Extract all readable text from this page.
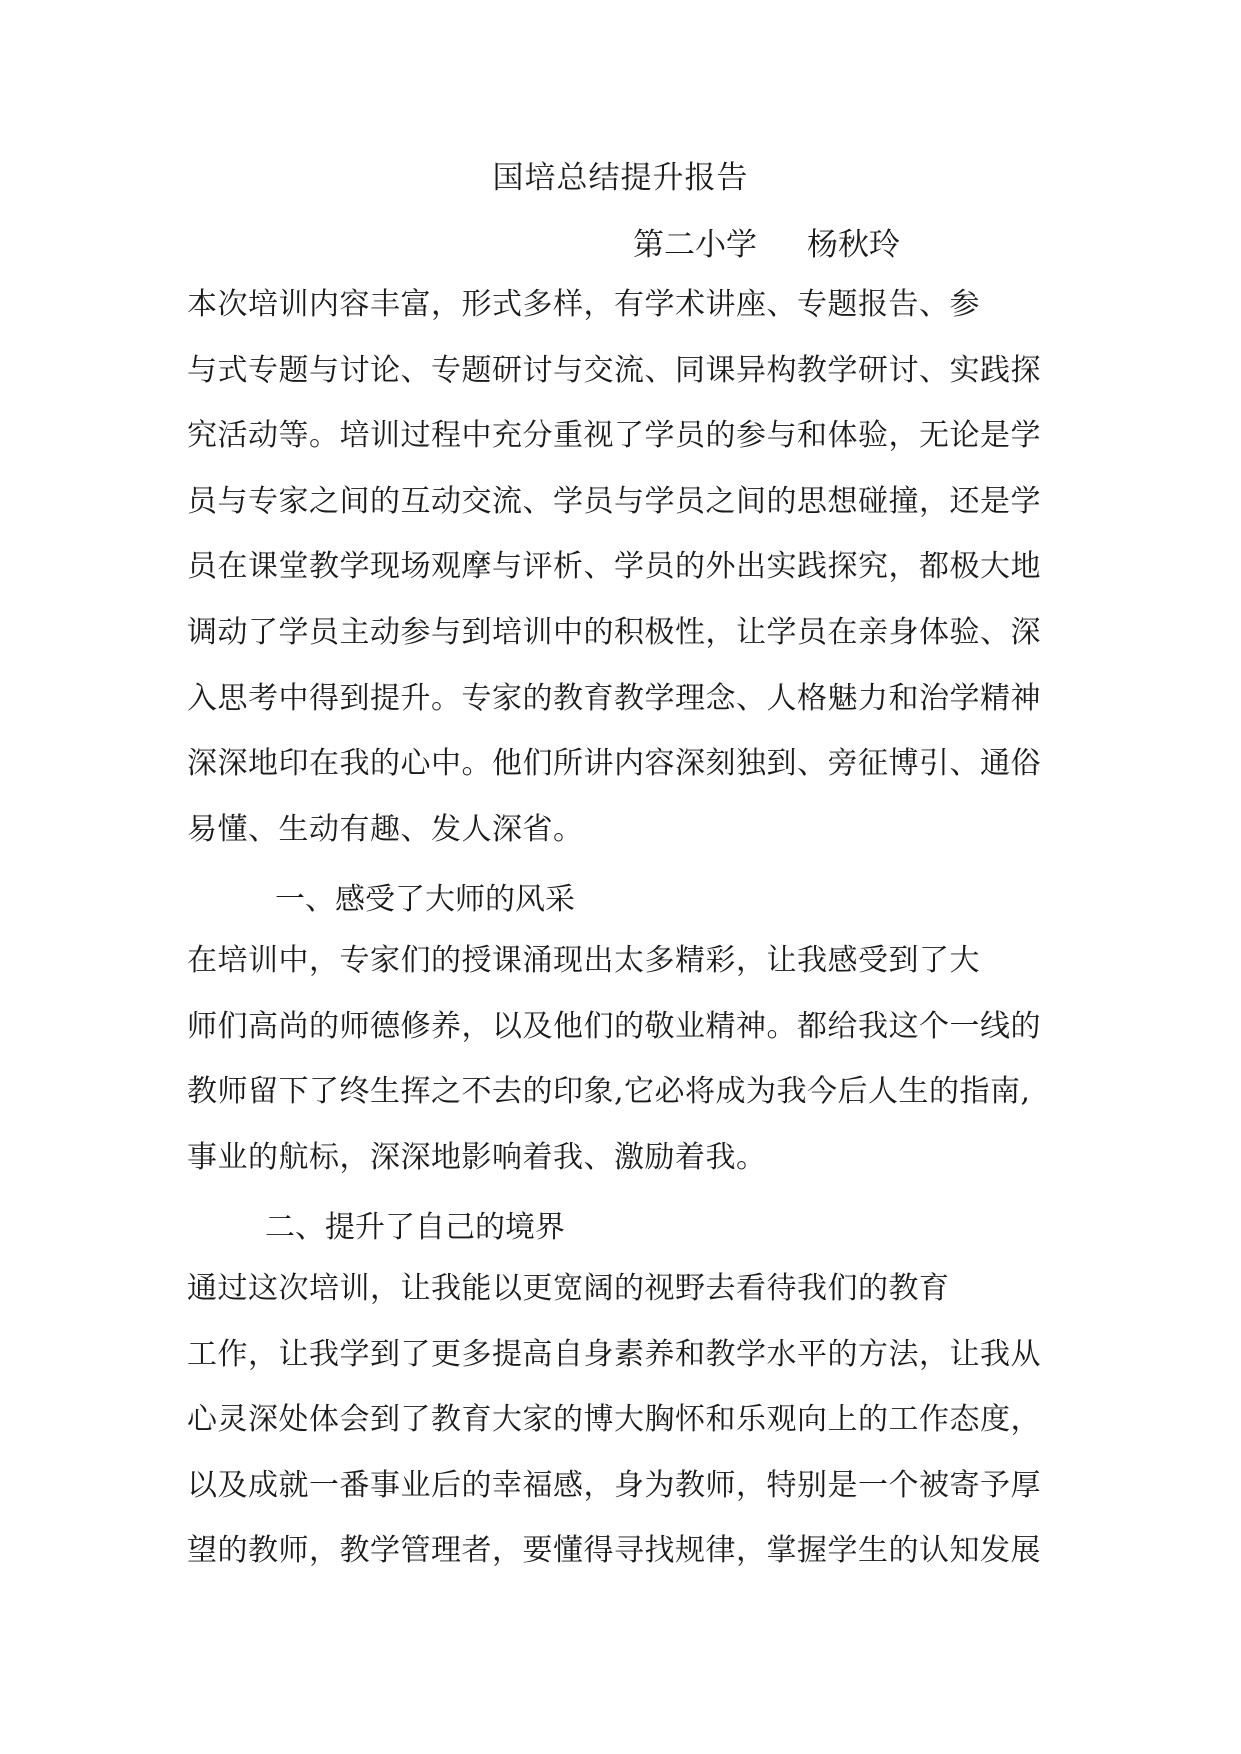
国培总结提升报告
第二小学 杨秋玲
本次培训内容丰富，形式多样，有学术讲座、专题报告、参
与式专题与讨论、专题研讨与交流、同课异构教学研讨、实践探
究活动等。培训过程中充分重视了学员的参与和体验，无论是学
员与专家之间的互动交流、学员与学员之间的思想碰撞，还是学
员在课堂教学现场观摩与评析、学员的外出实践探究，都极大地
调动了学员主动参与到培训中的积极性，让学员在亲身体验、深
入思考中得到提升。专家的教育教学理念、人格魅力和治学精神
深深地印在我的心中。他们所讲内容深刻独到、旁征博引、通俗
易懂、生动有趣、发人深省。
一、感受了大师的风采
在培训中，专家们的授课涌现出太多精彩，让我感受到了大
师们高尚的师德修养，以及他们的敬业精神。都给我这个一线的
教师留下了终生挥之不去的印象,它必将成为我今后人生的指南,
事业的航标，深深地影响着我、激励着我。
二、提升了自己的境界
通过这次培训，让我能以更宽阔的视野去看待我们的教育
工作，让我学到了更多提高自身素养和教学水平的方法，让我从
心灵深处体会到了教育大家的博大胸怀和乐观向上的工作态度，
以及成就一番事业后的幸福感，身为教师，特别是一个被寄予厚
望的教师，教学管理者，要懂得寻找规律，掌握学生的认知发展
